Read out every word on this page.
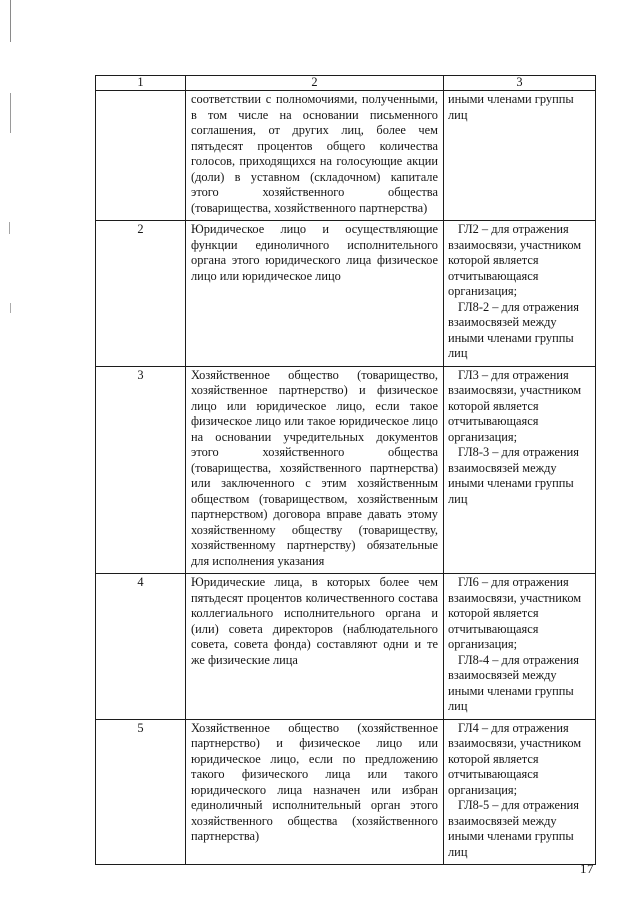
1	2	3

	соответствии с полномочиями, полученными, в том числе на основании письменного соглашения, от других лиц, более чем пятьдесят процентов общего количества голосов, приходящихся на голосующие акции (доли) в уставном (складочном) капитале этого хозяйственного общества (товарищества, хозяйственного партнерства)	иными членами группы лиц

2	Юридическое лицо и осуществляющие функции единоличного исполнительного органа этого юридического лица физическое лицо или юридическое лицо	ГЛ2 – для отражения взаимосвязи, участником которой является отчитывающаяся организация;
ГЛ8-2 – для отражения взаимосвязей между иными членами группы лиц

3	Хозяйственное общество (товарищество, хозяйственное партнерство) и физическое лицо или юридическое лицо, если такое физическое лицо или такое юридическое лицо на основании учредительных документов этого хозяйственного общества (товарищества, хозяйственного партнерства) или заключенного с этим хозяйственным обществом (товариществом, хозяйственным партнерством) договора вправе давать этому хозяйственному обществу (товариществу, хозяйственному партнерству) обязательные для исполнения указания	ГЛ3 – для отражения взаимосвязи, участником которой является отчитывающаяся организация;
ГЛ8-3 – для отражения взаимосвязей между иными членами группы лиц

4	Юридические лица, в которых более чем пятьдесят процентов количественного состава коллегиального исполнительного органа и (или) совета директоров (наблюдательного совета, совета фонда) составляют одни и те же физические лица	ГЛ6 – для отражения взаимосвязи, участником которой является отчитывающаяся организация;
ГЛ8-4 – для отражения взаимосвязей между иными членами группы лиц

5	Хозяйственное общество (хозяйственное партнерство) и физическое лицо или юридическое лицо, если по предложению такого физического лица или такого юридического лица назначен или избран единоличный исполнительный орган этого хозяйственного общества (хозяйственного партнерства)	ГЛ4 – для отражения взаимосвязи, участником которой является отчитывающаяся организация;
ГЛ8-5 – для отражения взаимосвязей между иными членами группы лиц
17
